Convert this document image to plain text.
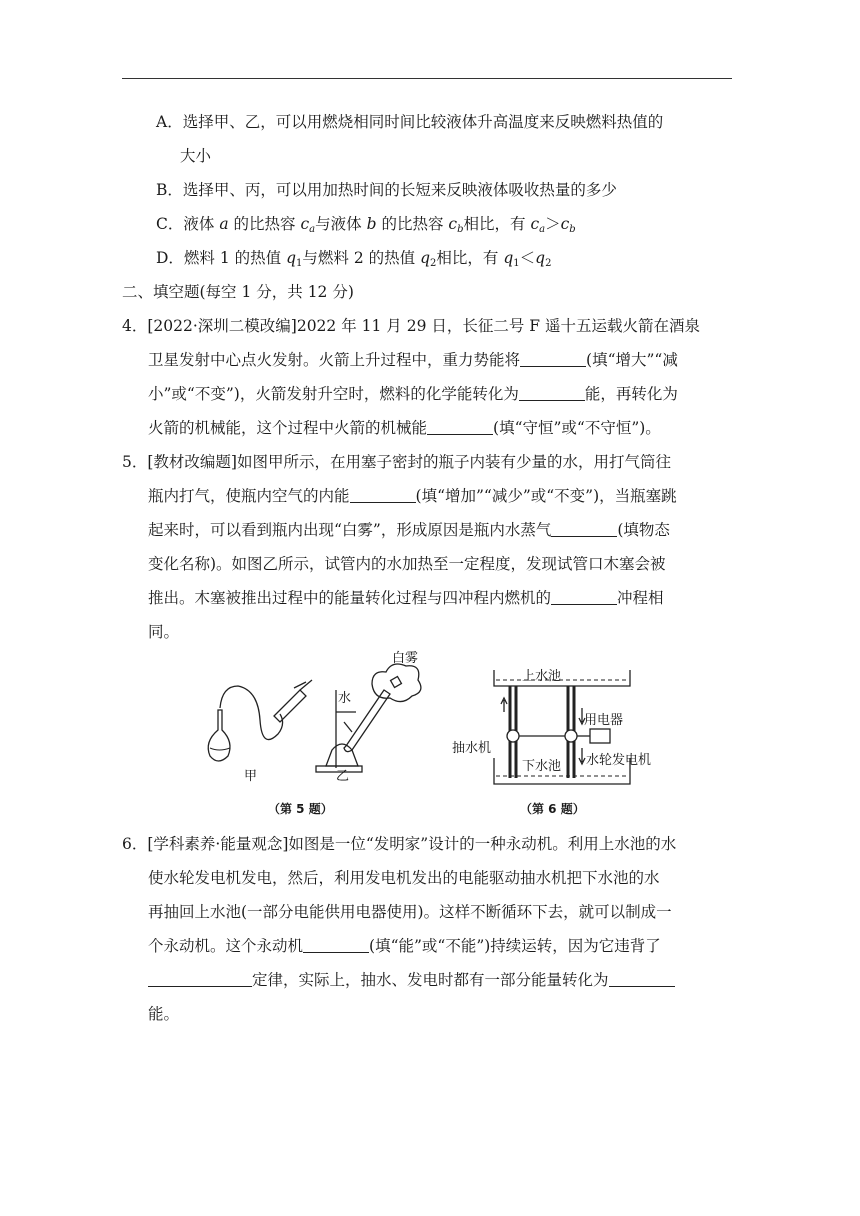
A．选择甲、乙，可以用燃烧相同时间比较液体升高温度来反映燃料热值的
大小
B．选择甲、丙，可以用加热时间的长短来反映液体吸收热量的多少
C．液体 a 的比热容 $c_a$与液体 b 的比热容 $c_b$相比，有 $c_a>c_b$
D．燃料 1 的热值 $q_1$与燃料 2 的热值 $q_2$相比，有 $q_1<q_2$
二、填空题(每空 1 分，共 12 分)
4．[2022·深圳二模改编]2022 年 11 月 29 日，长征二号 F 遥十五运载火箭在酒泉
卫星发射中心点火发射。火箭上升过程中，重力势能将	(填“增大”“减
小”或“不变”)，火箭发射升空时，燃料的化学能转化为	能，再转化为
火箭的机械能，这个过程中火箭的机械能	(填“守恒”或“不守恒”)。
5．[教材改编题]如图甲所示，在用塞子密封的瓶子内装有少量的水，用打气筒往
瓶内打气，使瓶内空气的内能	(填“增加”“减少”或“不变”)，当瓶塞跳
起来时，可以看到瓶内出现“白雾”，形成原因是瓶内水蒸气	(填物态
变化名称)。如图乙所示，试管内的水加热至一定程度，发现试管口木塞会被
推出。木塞被推出过程中的能量转化过程与四冲程内燃机的	冲程相
同。
甲	乙
水
白雾
（第 5 题）
上水池
下水池
用电器
抽水机
水轮发电机
（第 6 题）
6．[学科素养·能量观念]如图是一位“发明家”设计的一种永动机。利用上水池的水
使水轮发电机发电，然后，利用发电机发出的电能驱动抽水机把下水池的水
再抽回上水池(一部分电能供用电器使用)。这样不断循环下去，就可以制成一
个永动机。这个永动机	(填“能”或“不能”)持续运转，因为它违背了
定律，实际上，抽水、发电时都有一部分能量转化为
能。
